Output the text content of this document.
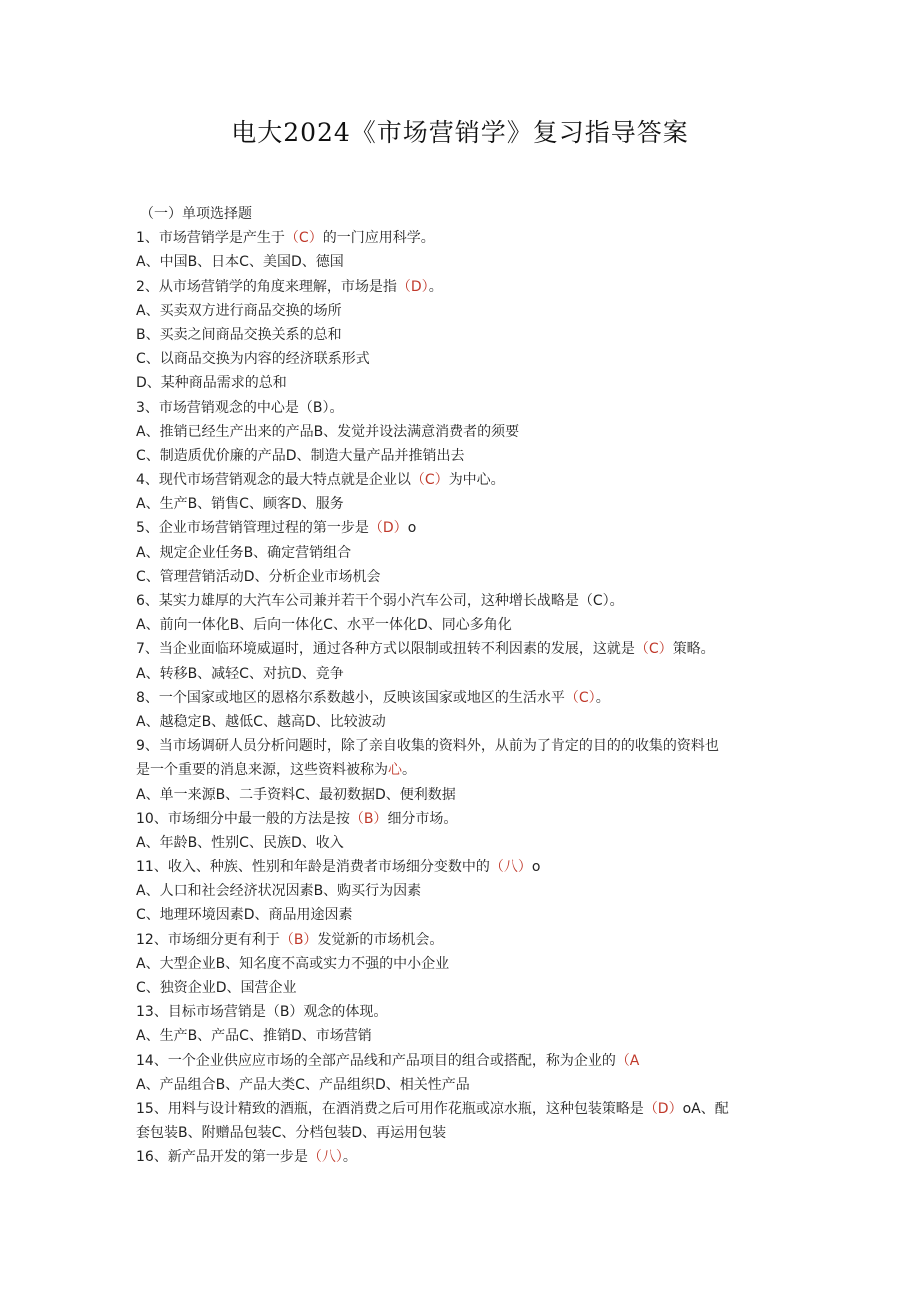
电大2024《市场营销学》复习指导答案
（一）单项选择题
1、市场营销学是产生于（C）的一门应用科学。
A、中国B、日本C、美国D、德国
2、从市场营销学的角度来理解，市场是指（D）。
A、买卖双方进行商品交换的场所
B、买卖之间商品交换关系的总和
C、以商品交换为内容的经济联系形式
D、某种商品需求的总和
3、市场营销观念的中心是（B）。
A、推销已经生产出来的产品B、发觉并设法满意消费者的须要
C、制造质优价廉的产品D、制造大量产品并推销出去
4、现代市场营销观念的最大特点就是企业以（C）为中心。
A、生产B、销售C、顾客D、服务
5、企业市场营销管理过程的第一步是（D）o
A、规定企业任务B、确定营销组合
C、管理营销活动D、分析企业市场机会
6、某实力雄厚的大汽车公司兼并若干个弱小汽车公司，这种增长战略是（C）。
A、前向一体化B、后向一体化C、水平一体化D、同心多角化
7、当企业面临环境威逼时，通过各种方式以限制或扭转不利因素的发展，这就是（C）策略。
A、转移B、减轻C、对抗D、竞争
8、一个国家或地区的恩格尔系数越小，反映该国家或地区的生活水平（C）。
A、越稳定B、越低C、越高D、比较波动
9、当市场调研人员分析问题时，除了亲自收集的资料外，从前为了肯定的目的的收集的资料也
是一个重要的消息来源，这些资料被称为心。
A、单一来源B、二手资料C、最初数据D、便利数据
10、市场细分中最一般的方法是按（B）细分市场。
A、年龄B、性别C、民族D、收入
11、收入、种族、性别和年龄是消费者市场细分变数中的（八）o
A、人口和社会经济状况因素B、购买行为因素
C、地理环境因素D、商品用途因素
12、市场细分更有利于（B）发觉新的市场机会。
A、大型企业B、知名度不高或实力不强的中小企业
C、独资企业D、国营企业
13、目标市场营销是（B）观念的体现。
A、生产B、产品C、推销D、市场营销
14、一个企业供应应市场的全部产品线和产品项目的组合或搭配，称为企业的（A
A、产品组合B、产品大类C、产品组织D、相关性产品
15、用料与设计精致的酒瓶，在酒消费之后可用作花瓶或凉水瓶，这种包装策略是（D）oA、配
套包装B、附赠品包装C、分档包装D、再运用包装
16、新产品开发的第一步是（八）。
